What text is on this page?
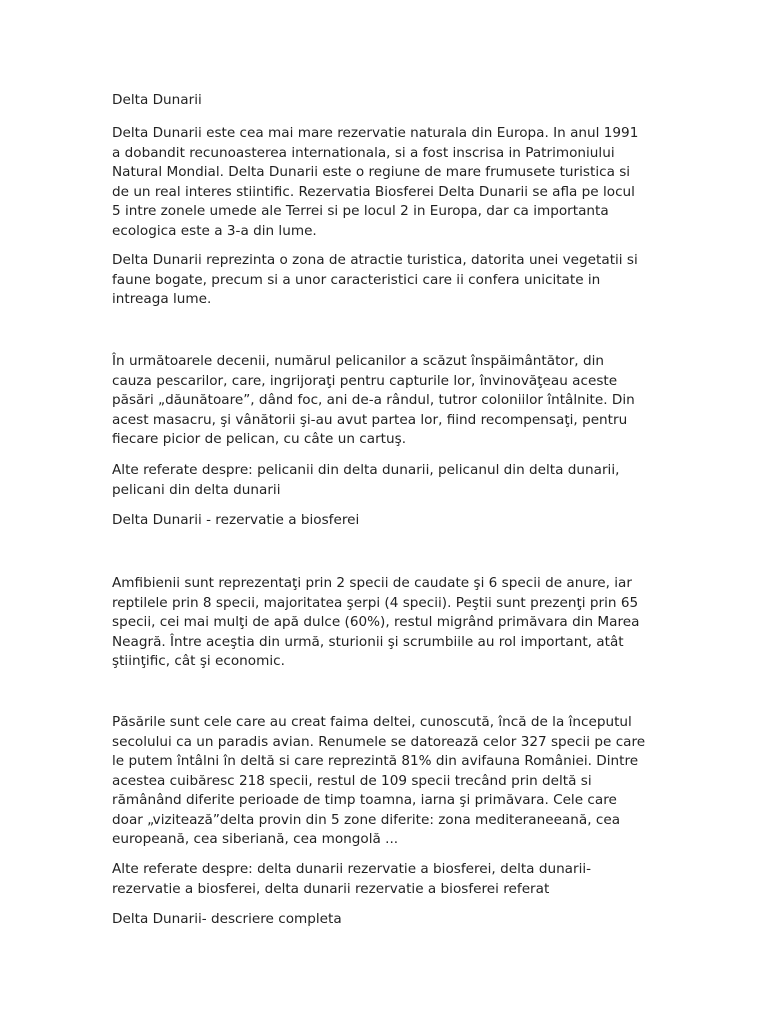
Delta Dunarii

Delta Dunarii este cea mai mare rezervatie naturala din Europa. In anul 1991

a dobandit recunoasterea internationala, si a fost inscrisa in Patrimoniului

Natural Mondial. Delta Dunarii este o regiune de mare frumusete turistica si

de un real interes stiintific. Rezervatia Biosferei Delta Dunarii se afla pe locul

5 intre zonele umede ale Terrei si pe locul 2 in Europa, dar ca importanta

ecologica este a 3-a din lume.

Delta Dunarii reprezinta o zona de atractie turistica, datorita unei vegetatii si

faune bogate, precum si a unor caracteristici care ii confera unicitate in

intreaga lume.

În următoarele decenii, numărul pelicanilor a scăzut înspăimântător, din

cauza pescarilor, care, ingrijoraţi pentru capturile lor, învinovăţeau aceste

păsări „dăunătoare”, dând foc, ani de-a rândul, tutror coloniilor întâlnite. Din

acest masacru, şi vânătorii şi-au avut partea lor, fiind recompensaţi, pentru

fiecare picior de pelican, cu câte un cartuş.

Alte referate despre: pelicanii din delta dunarii, pelicanul din delta dunarii,

pelicani din delta dunarii

Delta Dunarii - rezervatie a biosferei

Amfibienii sunt reprezentaţi prin 2 specii de caudate şi 6 specii de anure, iar

reptilele prin 8 specii, majoritatea şerpi (4 specii). Peştii sunt prezenţi prin 65

specii, cei mai mulţi de apă dulce (60%), restul migrând primăvara din Marea

Neagră. Între aceştia din urmă, sturionii şi scrumbiile au rol important, atât

ştiinţific, cât şi economic.

Păsările sunt cele care au creat faima deltei, cunoscută, încă de la începutul

secolului ca un paradis avian. Renumele se datorează celor 327 specii pe care

le putem întâlni în deltă si care reprezintă 81% din avifauna României. Dintre

acestea cuibăresc 218 specii, restul de 109 specii trecând prin deltă si

rămânând diferite perioade de timp toamna, iarna şi primăvara. Cele care

doar „vizitează”delta provin din 5 zone diferite: zona mediteraneeană, cea

europeană, cea siberiană, cea mongolă ...

Alte referate despre: delta dunarii rezervatie a biosferei, delta dunarii-

rezervatie a biosferei, delta dunarii rezervatie a biosferei referat

Delta Dunarii- descriere completa
